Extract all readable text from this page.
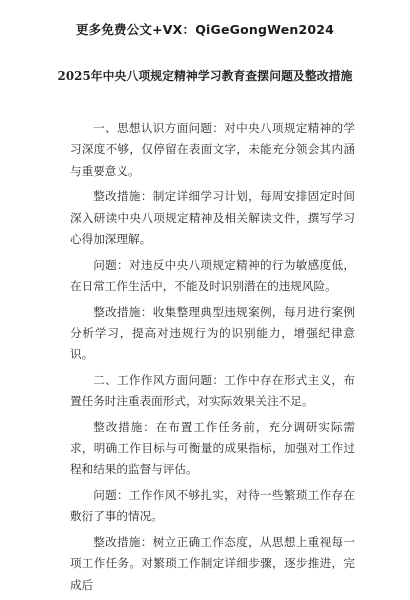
更多免费公文+VX：QiGeGongWen2024
2025年中央八项规定精神学习教育查摆问题及整改措施

一、思想认识方面问题：对中央八项规定精神的学习深度不够，仅停留在表面文字，未能充分领会其内涵与重要意义。

整改措施：制定详细学习计划，每周安排固定时间深入研读中央八项规定精神及相关解读文件，撰写学习心得加深理解。

问题：对违反中央八项规定精神的行为敏感度低，在日常工作生活中，不能及时识别潜在的违规风险。

整改措施：收集整理典型违规案例，每月进行案例分析学习，提高对违规行为的识别能力，增强纪律意识。

二、工作作风方面问题：工作中存在形式主义，布置任务时注重表面形式，对实际效果关注不足。

整改措施：在布置工作任务前，充分调研实际需求，明确工作目标与可衡量的成果指标，加强对工作过程和结果的监督与评估。

问题：工作作风不够扎实，对待一些繁琐工作存在敷衍了事的情况。

整改措施：树立正确工作态度，从思想上重视每一项工作任务。对繁琐工作制定详细步骤，逐步推进，完成后
